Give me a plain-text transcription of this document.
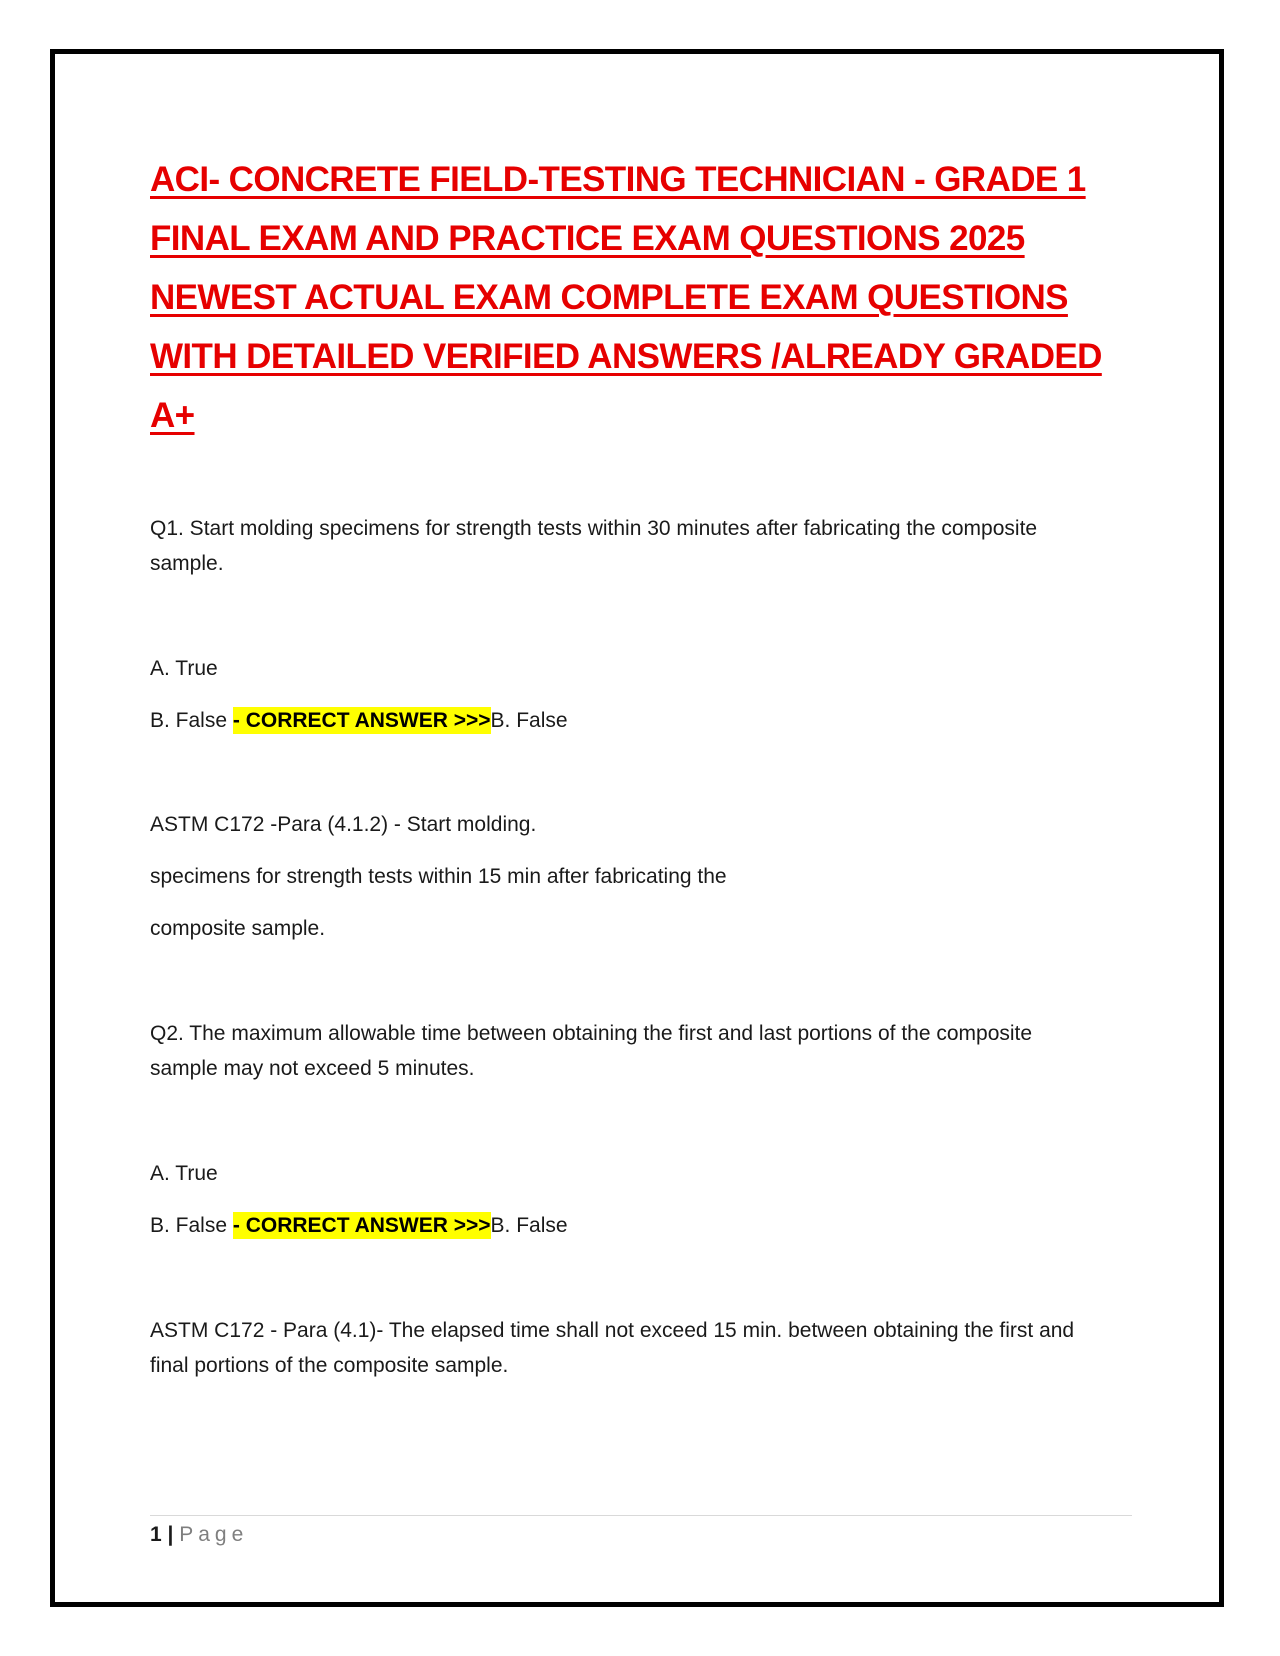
ACI- CONCRETE FIELD-TESTING TECHNICIAN - GRADE 1
FINAL EXAM AND PRACTICE EXAM QUESTIONS 2025
NEWEST ACTUAL EXAM COMPLETE EXAM QUESTIONS
WITH DETAILED VERIFIED ANSWERS /ALREADY GRADED
A+

Q1. Start molding specimens for strength tests within 30 minutes after fabricating the composite sample.

A. True

B. False - CORRECT ANSWER >>>B. False

ASTM C172 -Para (4.1.2) - Start molding.

specimens for strength tests within 15 min after fabricating the

composite sample.

Q2. The maximum allowable time between obtaining the first and last portions of the composite sample may not exceed 5 minutes.

A. True

B. False - CORRECT ANSWER >>>B. False

ASTM C172 - Para (4.1)- The elapsed time shall not exceed 15 min. between obtaining the first and final portions of the composite sample.

1 | Page
